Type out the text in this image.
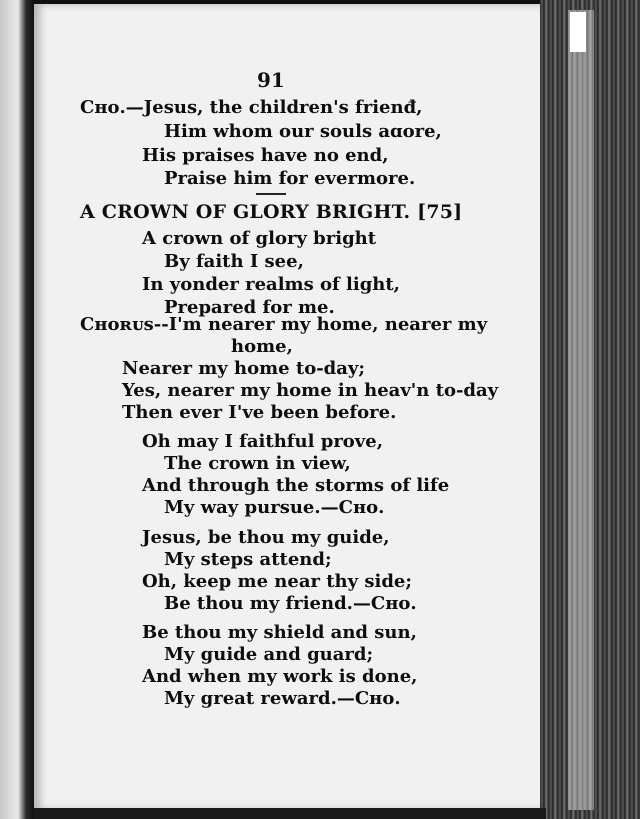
91
Cʜᴏ.—Jesus, the children's frienđ,
Him whom our souls aɑore,
His praises have no end,
Praise him for evermore.
A CROWN OF GLORY BRIGHT. [75]
A crown of glory bright
By faith I see,
In yonder realms of light,
Prepared for me.
Cʜᴏʀᴜs--I'm nearer my home, nearer my
home,
Nearer my home to-day;
Yes, nearer my home in heav'n to-day
Then ever I've been before.
Oh may I faithful prove,
The crown in view,
And through the storms of life
My way pursue.—Cʜᴏ.
Jesus, be thou my guide,
My steps attend;
Oh, keep me near thy side;
Be thou my friend.—Cʜᴏ.
Be thou my shield and sun,
My guide and guard;
And when my work is done,
My great reward.—Cʜᴏ.
